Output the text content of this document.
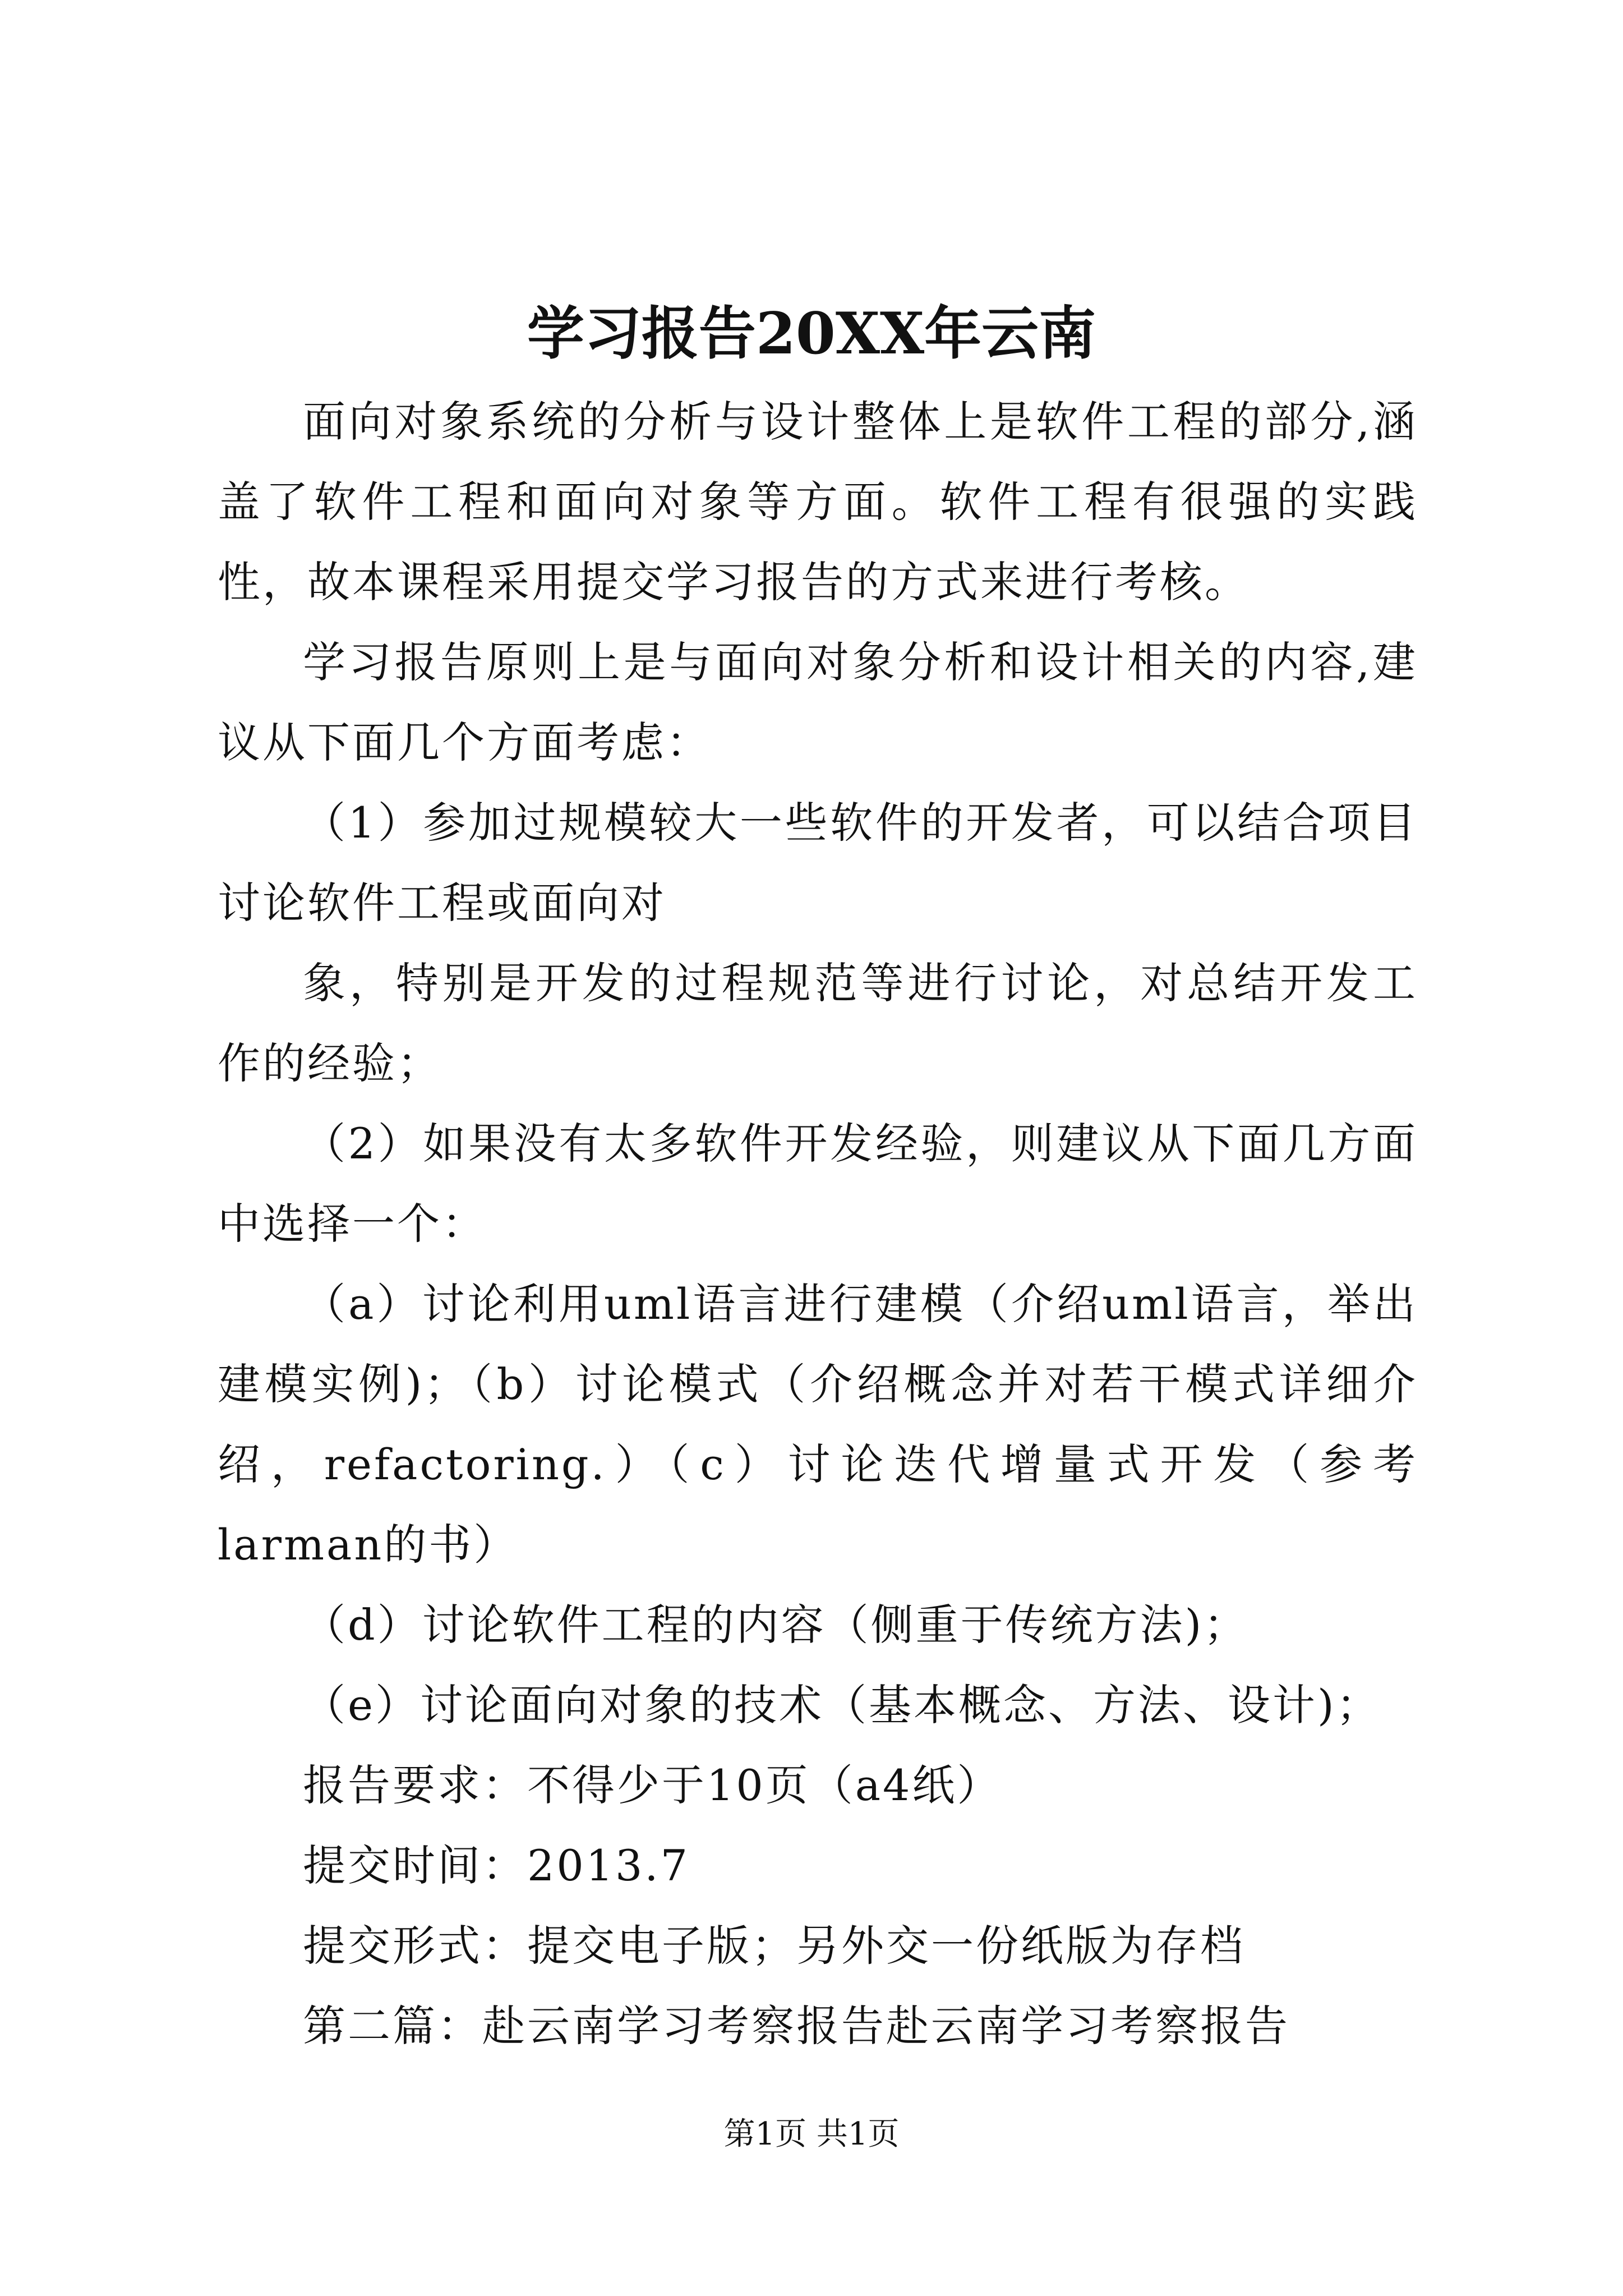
学习报告20XX年云南

面向对象系统的分析与设计整体上是软件工程的部分,涵盖了软件工程和面向对象等方面。软件工程有很强的实践性，故本课程采用提交学习报告的方式来进行考核。

学习报告原则上是与面向对象分析和设计相关的内容,建议从下面几个方面考虑：

（1）参加过规模较大一些软件的开发者，可以结合项目讨论软件工程或面向对

象，特别是开发的过程规范等进行讨论，对总结开发工作的经验；

（2）如果没有太多软件开发经验，则建议从下面几方面中选择一个：

（a）讨论利用uml语言进行建模（介绍uml语言，举出建模实例)；（b）讨论模式（介绍概念并对若干模式详细介绍，refactoring.）（c）讨论迭代增量式开发（参考larman的书）

（d）讨论软件工程的内容（侧重于传统方法)；

（e）讨论面向对象的技术（基本概念、方法、设计)；

报告要求：不得少于10页（a4纸）

提交时间：2013.7

提交形式：提交电子版；另外交一份纸版为存档

第二篇：赴云南学习考察报告赴云南学习考察报告

第1页 共1页
